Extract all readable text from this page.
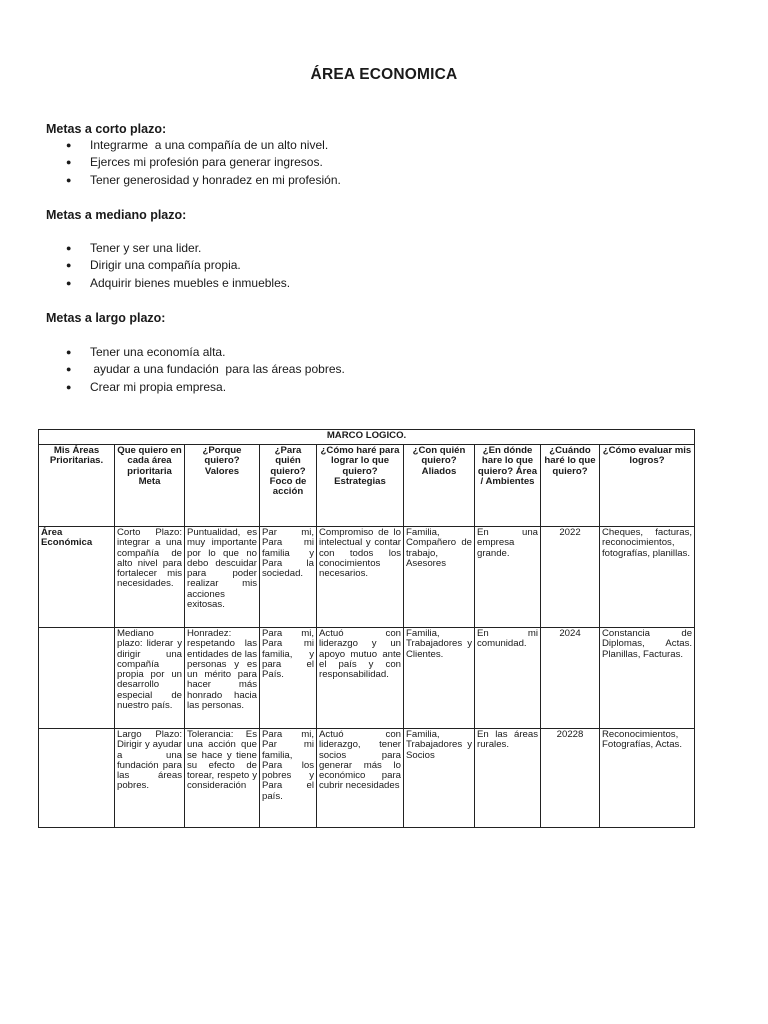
ÁREA ECONOMICA

Metas a corto plazo:

● Integrarme  a una compañía de un alto nivel.
● Ejerces mi profesión para generar ingresos.
● Tener generosidad y honradez en mi profesión.

Metas a mediano plazo:

● Tener y ser una lider.
● Dirigir una compañía propia.
● Adquirir bienes muebles e inmuebles.

Metas a largo plazo:

● Tener una economía alta.
● ayudar a una fundación  para las áreas pobres.
● Crear mi propia empresa.
MARCO LOGICO.								
Mis Áreas Prioritarias.	Que quiero en cada área prioritaria Meta	¿Porque quiero? Valores	¿Para quién quiero? Foco de acción	¿Cómo haré para lograr lo que quiero? Estrategias	¿Con quién quiero? Aliados	¿En dónde hare lo que quiero? Área / Ambientes	¿Cuándo haré lo que quiero?	¿Cómo evaluar mis logros?
Área Económica	Corto Plazo: integrar a una compañía de alto nivel para fortalecer mis necesidades.	Puntualidad, es muy importante por lo que no debo descuidar para poder realizar mis acciones exitosas.	Par mi, Para mi familia y Para la sociedad.	Compromiso de lo intelectual y contar con todos los conocimientos necesarios.	Familia, Compañero de trabajo, Asesores	En una empresa grande.	2022	Cheques, facturas, reconocimientos, fotografías, planillas.
	Mediano plazo: liderar y dirigir una compañía propia por un desarrollo especial de nuestro país.	Honradez: respetando las entidades de las personas y es un mérito para hacer más honrado hacia las personas.	Para mi, Para mi familia, y para el País.	Actuó con liderazgo y un apoyo mutuo ante el país y con responsabilidad.	Familia, Trabajadores y Clientes.	En mi comunidad.	2024	Constancia de Diplomas, Actas. Planillas, Facturas.
	Largo Plazo: Dirigir y ayudar a una fundación para las áreas pobres.	Tolerancia: Es una acción que se hace y tiene su efecto de torear, respeto y consideración	Para mi, Par mi familia, Para los pobres y Para el país.	Actuó con liderazgo, tener socios para generar más lo económico para cubrir necesidades	Familia, Trabajadores y Socios	En las áreas rurales.	20228	Reconocimientos, Fotografías, Actas.
